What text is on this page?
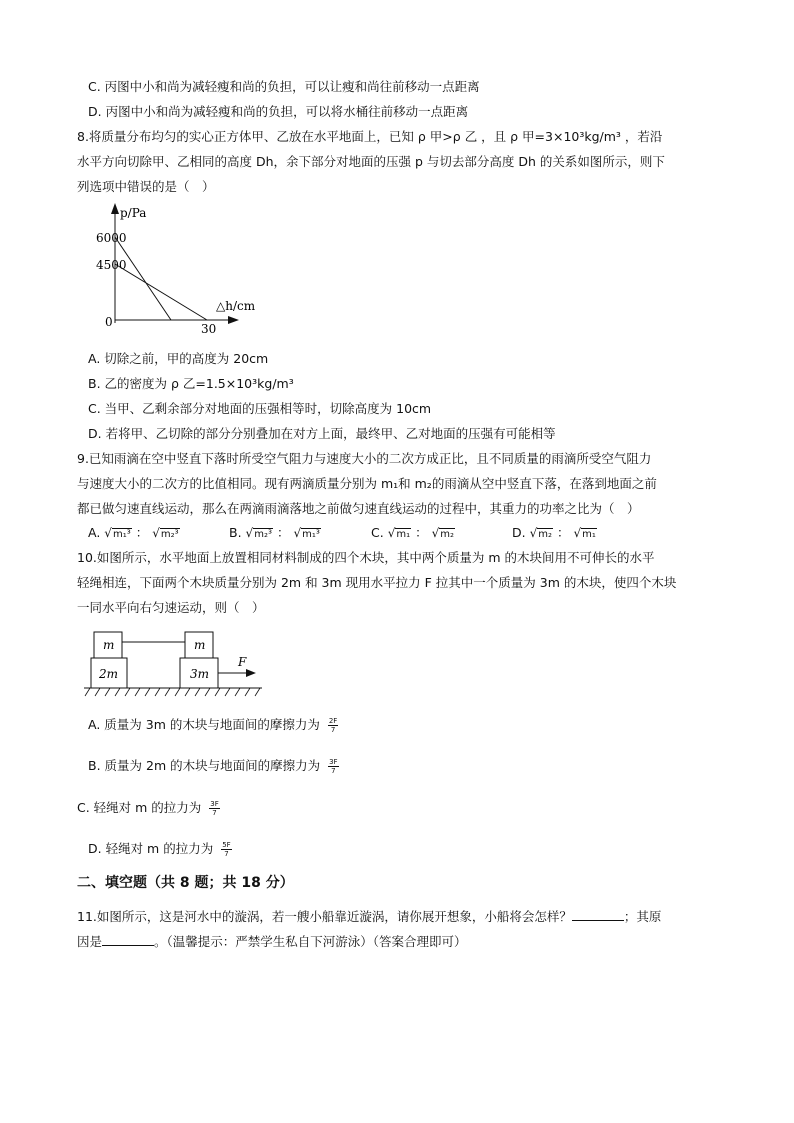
C. 丙图中小和尚为减轻瘦和尚的负担，可以让瘦和尚往前移动一点距离
D. 丙图中小和尚为减轻瘦和尚的负担，可以将水桶往前移动一点距离
8.将质量分布均匀的实心正方体甲、乙放在水平地面上，已知 ρ 甲>ρ 乙 ，且 ρ 甲=3×10³kg/m³ ，若沿
水平方向切除甲、乙相同的高度 Dh，余下部分对地面的压强 p 与切去部分高度 Dh 的关系如图所示，则下
列选项中错误的是（　）
p/Pa
6000
4500
0	30
△h/cm
A. 切除之前，甲的高度为 20cm
B. 乙的密度为 ρ 乙=1.5×10³kg/m³
C. 当甲、乙剩余部分对地面的压强相等时，切除高度为 10cm
D. 若将甲、乙切除的部分分别叠加在对方上面，最终甲、乙对地面的压强有可能相等
9.已知雨滴在空中竖直下落时所受空气阻力与速度大小的二次方成正比，且不同质量的雨滴所受空气阻力
与速度大小的二次方的比值相同。现有两滴质量分别为 m₁和 m₂的雨滴从空中竖直下落，在落到地面之前
都已做匀速直线运动，那么在两滴雨滴落地之前做匀速直线运动的过程中，其重力的功率之比为（　）
A. √m₁³ ： √m₂³	B. √m₂³ ： √m₁³	C. √m₁ ： √m₂	D. √m₂ ： √m₁
10.如图所示，水平地面上放置相同材料制成的四个木块，其中两个质量为 m 的木块间用不可伸长的水平
轻绳相连，下面两个木块质量分别为 2m 和 3m 现用水平拉力 F 拉其中一个质量为 3m 的木块，使四个木块
一同水平向右匀速运动，则（　）
m	m
2m	3m
F
A. 质量为 3m 的木块与地面间的摩擦力为 $\frac{2F}{7}$
B. 质量为 2m 的木块与地面间的摩擦力为 $\frac{3F}{7}$
C. 轻绳对 m 的拉力为 $\frac{3F}{7}$
D. 轻绳对 m 的拉力为 $\frac{5F}{7}$
二、填空题（共 8 题；共 18 分）
11.如图所示，这是河水中的漩涡，若一艘小船靠近漩涡，请你展开想象，小船将会怎样？	；其原
因是	。（温馨提示：严禁学生私自下河游泳）（答案合理即可）
